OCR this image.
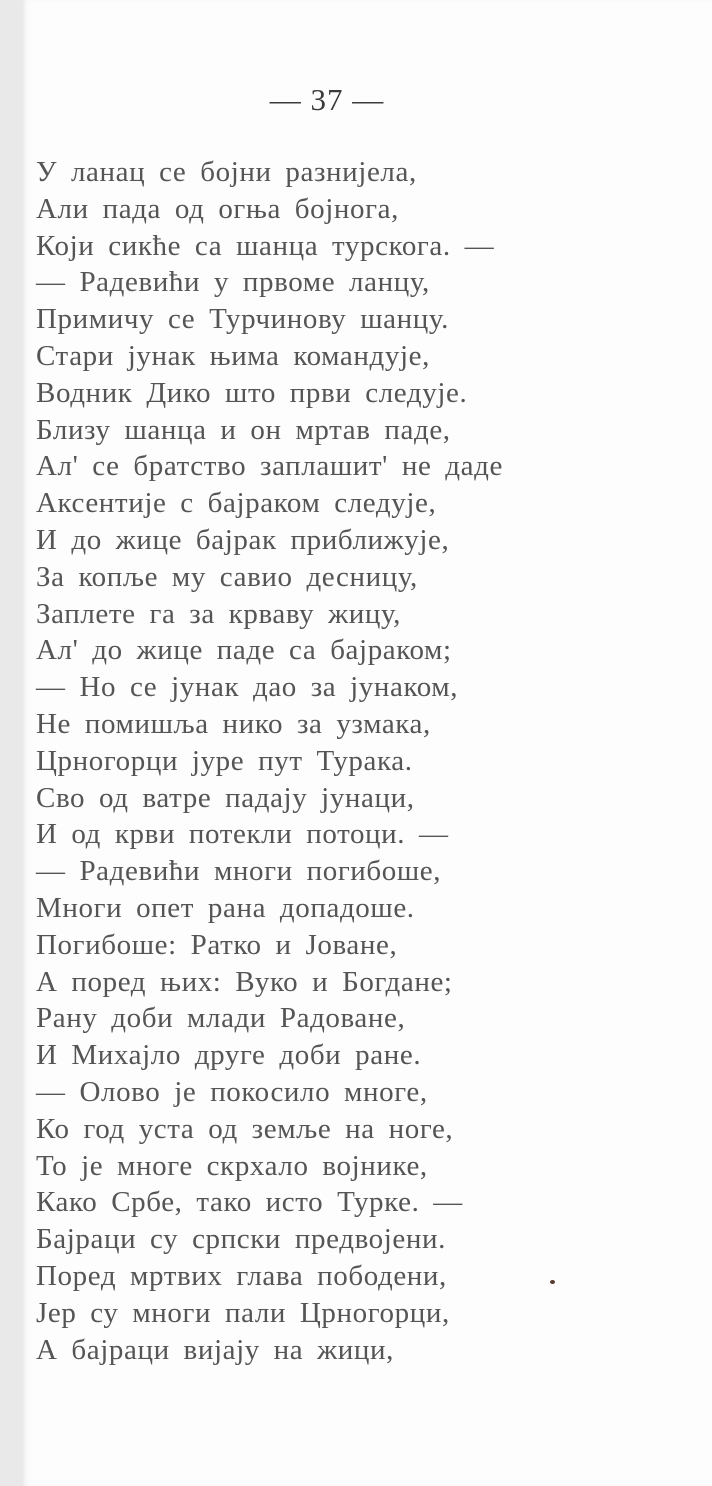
— 37 —
У ланац се бојни разнијела,
Али пада од огња бојнога,
Који сикће са шанца турскога. —
— Радевићи у првоме ланцу,
Примичу се Турчинову шанцу.
Стари јунак њима командује,
Водник Дико што први следује.
Близу шанца и он мртав паде,
Ал' се братство заплашит' не даде
Аксентије с бајраком следује,
И до жице бајрак приближује,
За копље му савио десницу,
Заплете га за крваву жицу,
Ал' до жице паде са бајраком;
— Но се јунак дао за јунаком,
Не помишља нико за узмака,
Црногорци јуре пут Турака.
Сво од ватре падају јунаци,
И од крви потекли потоци. —
— Радевићи многи погибоше,
Многи опет рана допадоше.
Погибоше: Ратко и Јоване,
А поред њих: Вуко и Богдане;
Рану доби млади Радоване,
И Михајло друге доби ране.
— Олово је покосило многе,
Ко год уста од земље на ноге,
То је многе скрхало војнике,
Како Србе, тако исто Турке. —
Бајраци су српски предвојени.
Поред мртвих глава пободени,
Јер су многи пали Црногорци,
А бајраци вијају на жици,
